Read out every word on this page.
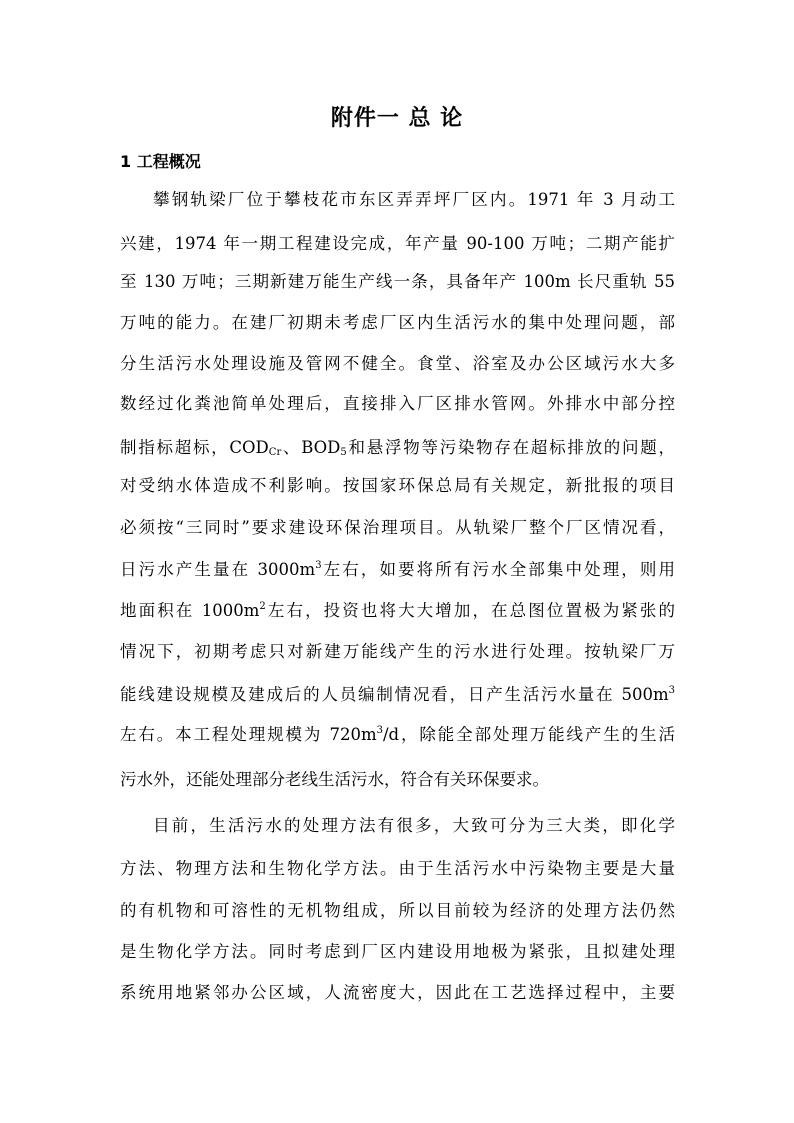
附件一 总 论
1 工程概况
攀钢轨梁厂位于攀枝花市东区弄弄坪厂区内。1971 年 3 月动工
兴建，1974 年一期工程建设完成，年产量 90-100 万吨；二期产能扩
至 130 万吨；三期新建万能生产线一条，具备年产 100m 长尺重轨 55
万吨的能力。在建厂初期未考虑厂区内生活污水的集中处理问题，部
分生活污水处理设施及管网不健全。食堂、浴室及办公区域污水大多
数经过化粪池简单处理后，直接排入厂区排水管网。外排水中部分控
制指标超标，$COD_{Cr}$、$BOD_5$和悬浮物等污染物存在超标排放的问题，
对受纳水体造成不利影响。按国家环保总局有关规定，新批报的项目
必须按“三同时”要求建设环保治理项目。从轨梁厂整个厂区情况看，
日污水产生量在 $3000m^3$左右，如要将所有污水全部集中处理，则用
地面积在 $1000m^2$左右，投资也将大大增加，在总图位置极为紧张的
情况下，初期考虑只对新建万能线产生的污水进行处理。按轨梁厂万
能线建设规模及建成后的人员编制情况看，日产生活污水量在 $500m^3$
左右。本工程处理规模为 $720m^3/d$，除能全部处理万能线产生的生活
污水外，还能处理部分老线生活污水，符合有关环保要求。
目前，生活污水的处理方法有很多，大致可分为三大类，即化学
方法、物理方法和生物化学方法。由于生活污水中污染物主要是大量
的有机物和可溶性的无机物组成，所以目前较为经济的处理方法仍然
是生物化学方法。同时考虑到厂区内建设用地极为紧张，且拟建处理
系统用地紧邻办公区域，人流密度大，因此在工艺选择过程中，主要
